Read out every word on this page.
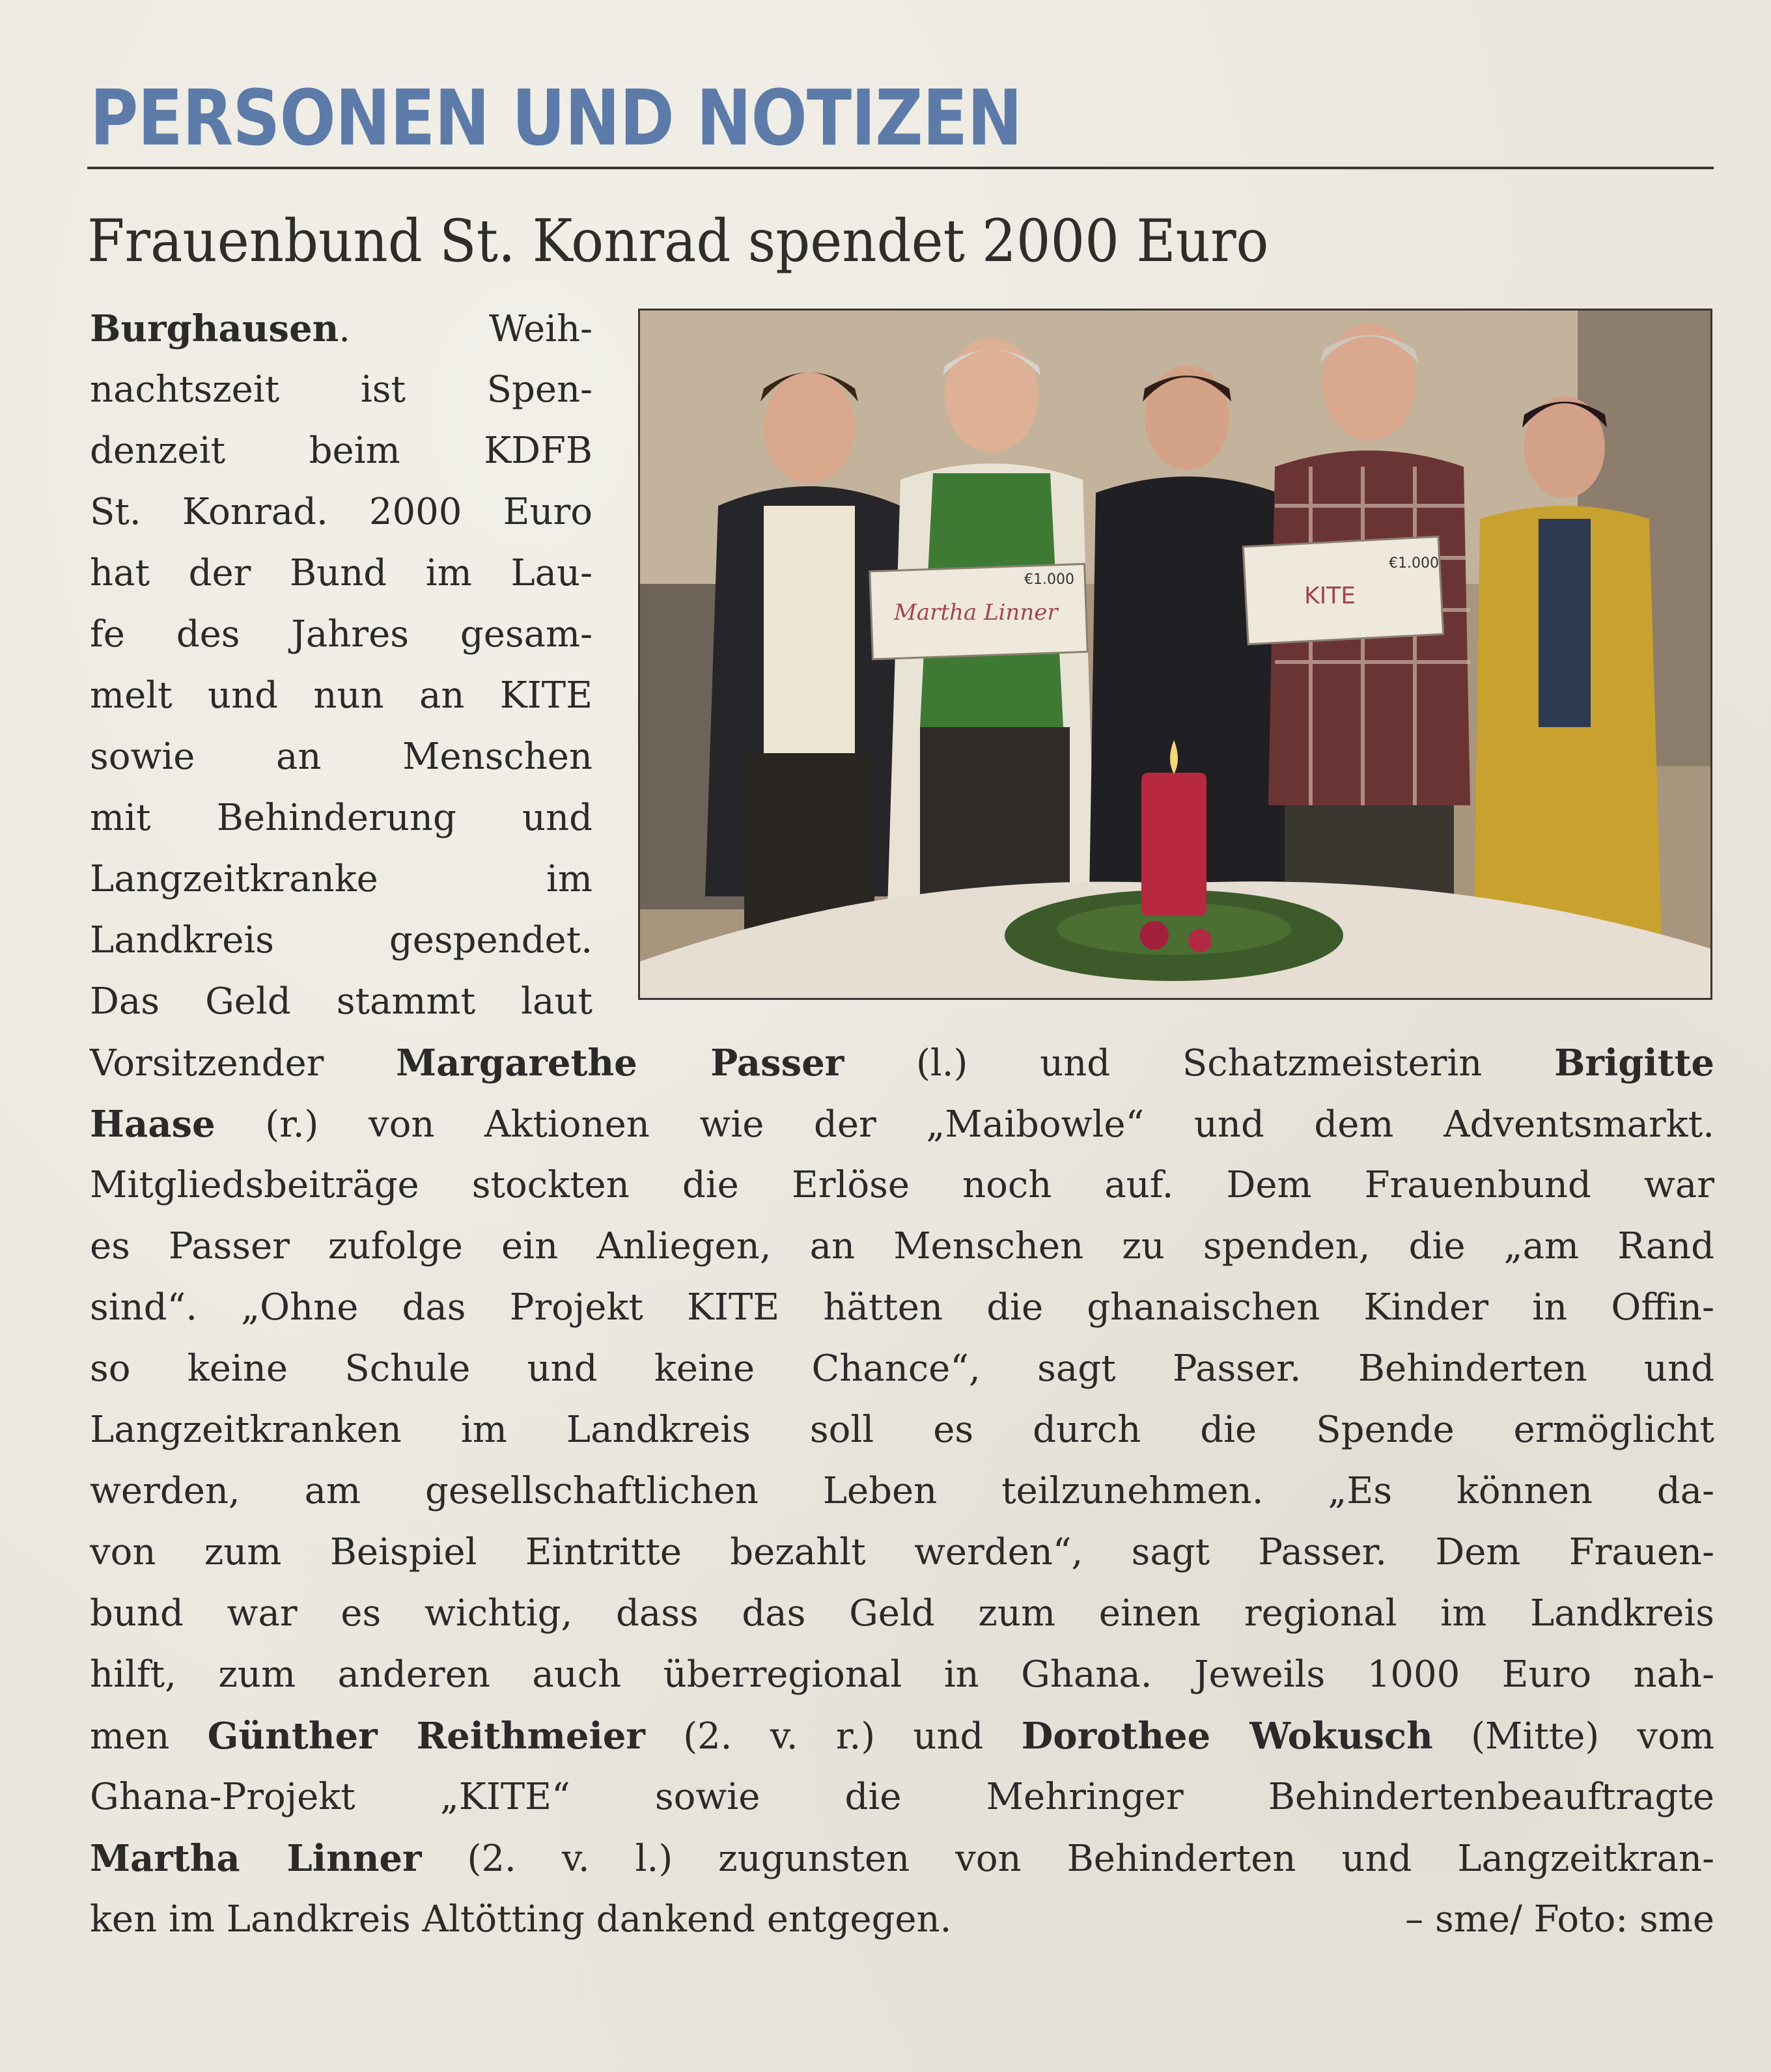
PERSONEN UND NOTIZEN
Frauenbund St. Konrad spendet 2000 Euro
Burghausen. Weih-
nachtszeit ist Spen-
denzeit beim KDFB
St. Konrad. 2000 Euro
hat der Bund im Lau-
fe des Jahres gesam-
melt und nun an KITE
sowie an Menschen
mit Behinderung und
Langzeitkranke im
Landkreis gespendet.
Das Geld stammt laut
Martha Linner
€1.000
KITE
€1.000
Vorsitzender Margarethe Passer (l.) und Schatzmeisterin Brigitte
Haase (r.) von Aktionen wie der „Maibowle“ und dem Adventsmarkt.
Mitgliedsbeiträge stockten die Erlöse noch auf. Dem Frauenbund war
es Passer zufolge ein Anliegen, an Menschen zu spenden, die „am Rand
sind“. „Ohne das Projekt KITE hätten die ghanaischen Kinder in Offin-
so keine Schule und keine Chance“, sagt Passer. Behinderten und
Langzeitkranken im Landkreis soll es durch die Spende ermöglicht
werden, am gesellschaftlichen Leben teilzunehmen. „Es können da-
von zum Beispiel Eintritte bezahlt werden“, sagt Passer. Dem Frauen-
bund war es wichtig, dass das Geld zum einen regional im Landkreis
hilft, zum anderen auch überregional in Ghana. Jeweils 1000 Euro nah-
men Günther Reithmeier (2. v. r.) und Dorothee Wokusch (Mitte) vom
Ghana-Projekt „KITE“ sowie die Mehringer Behindertenbeauftragte
Martha Linner (2. v. l.) zugunsten von Behinderten und Langzeitkran-
ken im Landkreis Altötting dankend entgegen.	– sme/ Foto: sme
